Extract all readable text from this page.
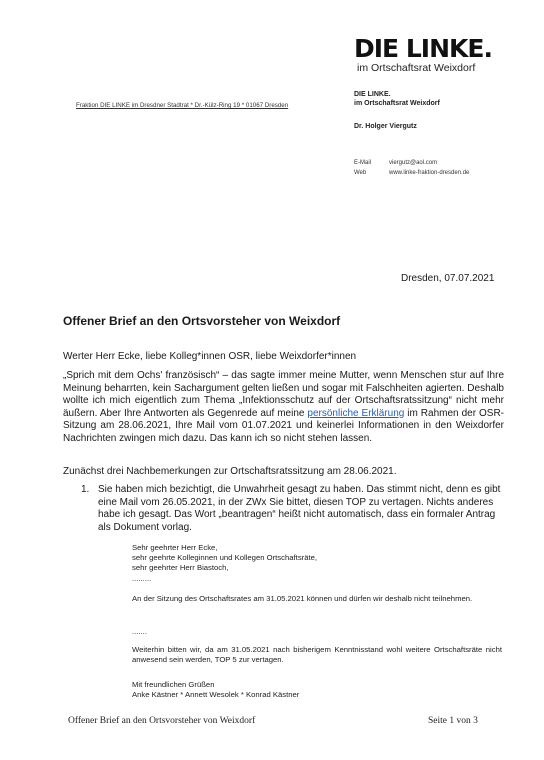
DIE LINKE.
im Ortschaftsrat Weixdorf
Fraktion DIE LINKE im Dresdner Stadtrat * Dr.-Külz-Ring 19 * 01067 Dresden
DIE LINKE.
im Ortschaftsrat Weixdorf
Dr. Holger Viergutz
E-Mail	viergutz@aol.com
Web	www.linke-fraktion-dresden.de
Dresden, 07.07.2021
Offener Brief an den Ortsvorsteher von Weixdorf
Werter Herr Ecke, liebe Kolleg*innen OSR, liebe Weixdorfer*innen
„Sprich mit dem Ochs' französisch“ – das sagte immer meine Mutter, wenn Menschen stur auf Ihre Meinung beharrten, kein Sachargument gelten ließen und sogar mit Falschheiten agierten. Deshalb wollte ich mich eigentlich zum Thema „Infektionsschutz auf der Ortschaftsratssitzung“ nicht mehr äußern. Aber Ihre Antworten als Gegenrede auf meine persönliche Erklärung im Rahmen der OSR-Sitzung am 28.06.2021, Ihre Mail vom 01.07.2021 und keinerlei Informationen in den Weixdorfer Nachrichten zwingen mich dazu. Das kann ich so nicht stehen lassen.
Zunächst drei Nachbemerkungen zur Ortschaftsratssitzung am 28.06.2021.
1. Sie haben mich bezichtigt, die Unwahrheit gesagt zu haben. Das stimmt nicht, denn es gibt eine Mail vom 26.05.2021, in der ZWx Sie bittet, diesen TOP zu vertagen. Nichts anderes habe ich gesagt. Das Wort „beantragen“ heißt nicht automatisch, dass ein formaler Antrag als Dokument vorlag.
Sehr geehrter Herr Ecke,
sehr geehrte Kolleginnen und Kollegen Ortschaftsräte,
sehr geehrter Herr Biastoch,
.........
An der Sitzung des Ortschaftsrates am 31.05.2021 können und dürfen wir deshalb nicht teilnehmen.
.......
Weiterhin bitten wir, da am 31.05.2021 nach bisherigem Kenntnisstand wohl weitere Ortschaftsräte nicht anwesend sein werden, TOP 5 zur vertagen.
Mit freundlichen Grüßen
Anke Kästner * Annett Wesolek * Konrad Kästner
Offener Brief an den Ortsvorsteher von Weixdorf	Seite 1 von 3
